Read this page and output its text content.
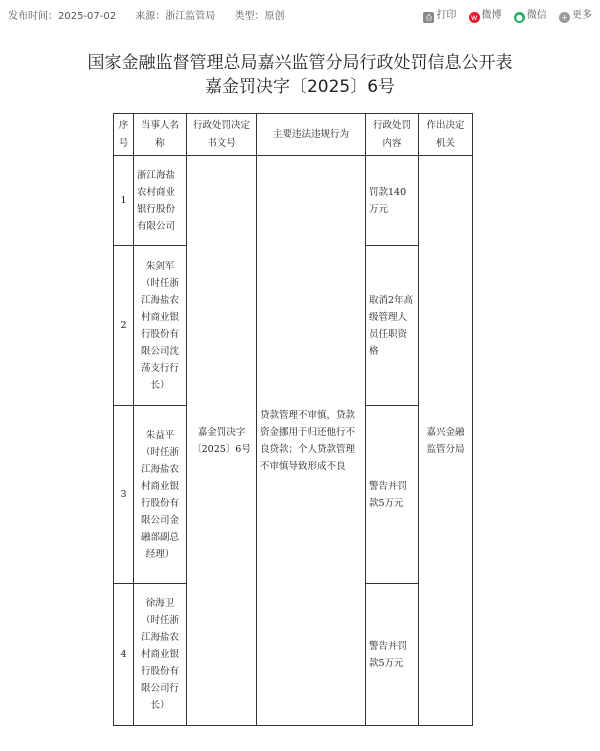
发布时间：2025-07-02 来源：浙江监管局 类型：原创	⎙ 打印 w 微博 ● 微信 + 更多
国家金融监督管理总局嘉兴监管分局行政处罚信息公开表
嘉金罚决字〔2025〕6号
序号	当事人名称	行政处罚决定书文号	主要违法违规行为	行政处罚内容	作出决定机关
1	浙江海盐农村商业银行股份有限公司	嘉金罚决字〔2025〕6号	贷款管理不审慎，贷款资金挪用于归还他行不良贷款；个人贷款管理不审慎导致形成不良	罚款140万元	嘉兴金融监管分局
2	朱剑军（时任浙江海盐农村商业银行股份有限公司沈荡支行行长）			取消2年高级管理人员任职资格	
3	朱益平（时任浙江海盐农村商业银行股份有限公司金融部副总经理）			警告并罚款5万元	
4	徐海卫（时任浙江海盐农村商业银行股份有限公司行长）			警告并罚款5万元	
